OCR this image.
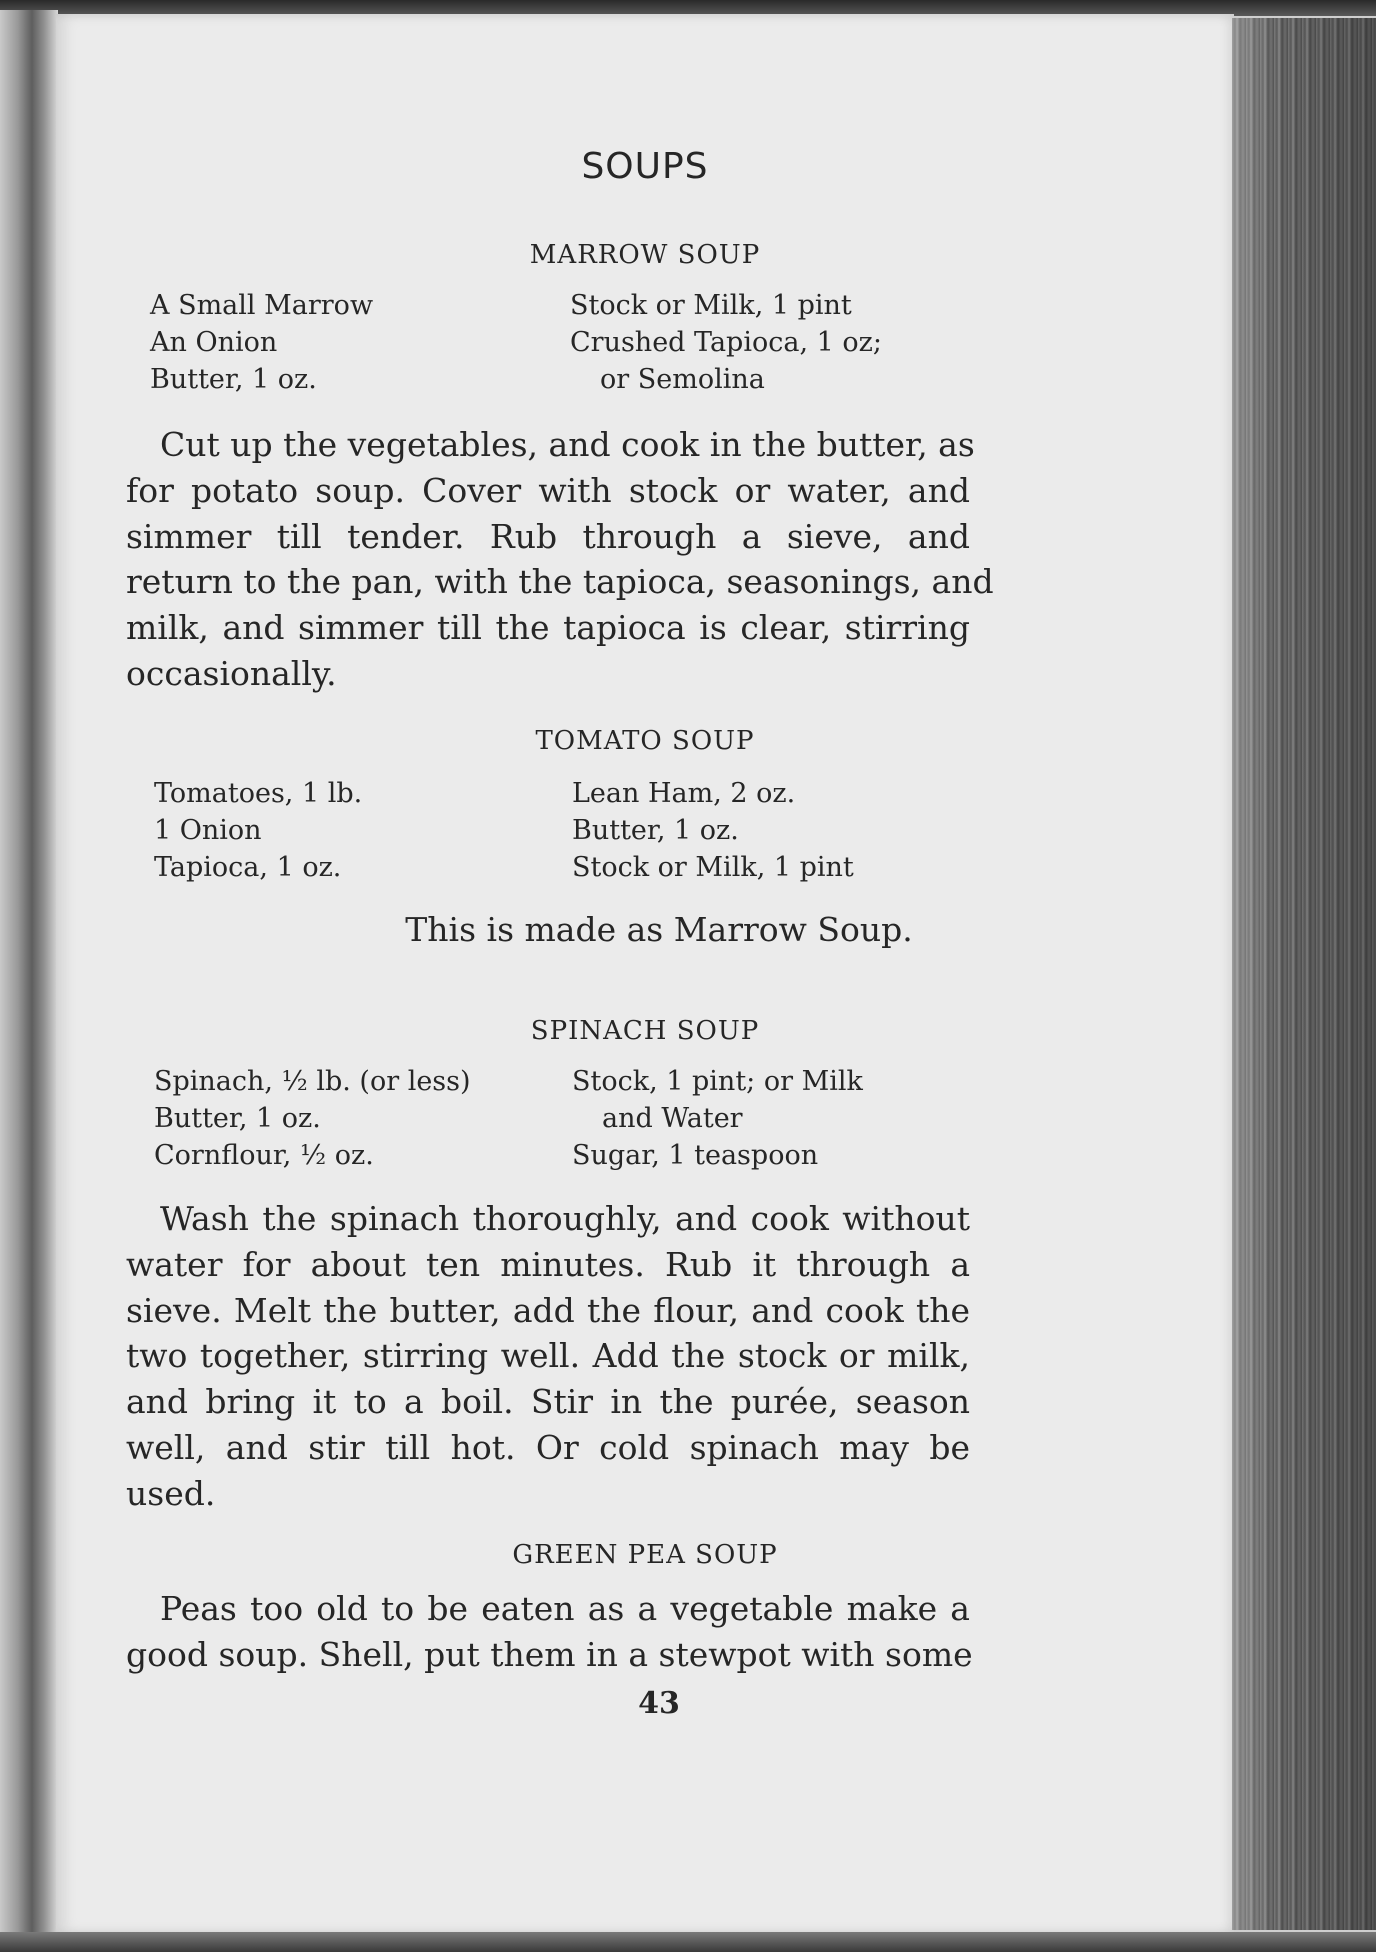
SOUPS
MARROW SOUP
A Small Marrow
An Onion
Butter, 1 oz.
Stock or Milk, 1 pint
Crushed Tapioca, 1 oz;
or Semolina
Cut up the vegetables, and cook in the butter, as
for potato soup. Cover with stock or water, and
simmer till tender. Rub through a sieve, and
return to the pan, with the tapioca, seasonings, and
milk, and simmer till the tapioca is clear, stirring
occasionally.
TOMATO SOUP
Tomatoes, 1 lb.
1 Onion
Tapioca, 1 oz.
Lean Ham, 2 oz.
Butter, 1 oz.
Stock or Milk, 1 pint
This is made as Marrow Soup.
SPINACH SOUP
Spinach, ½ lb. (or less)
Butter, 1 oz.
Cornflour, ½ oz.
Stock, 1 pint; or Milk
and Water
Sugar, 1 teaspoon
Wash the spinach thoroughly, and cook without
water for about ten minutes. Rub it through a
sieve. Melt the butter, add the flour, and cook the
two together, stirring well. Add the stock or milk,
and bring it to a boil. Stir in the purée, season
well, and stir till hot. Or cold spinach may be
used.
GREEN PEA SOUP
Peas too old to be eaten as a vegetable make a
good soup. Shell, put them in a stewpot with some
43
